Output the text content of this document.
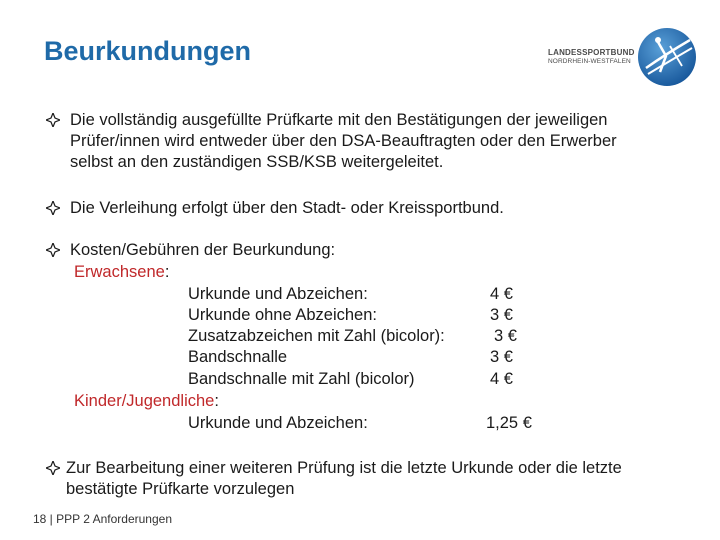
Beurkundungen	LANDESSPORTBUND
NORDRHEIN-WESTFALEN
Die vollständig ausgefüllte Prüfkarte mit den Bestätigungen der jeweiligen
Prüfer/innen wird entweder über den DSA-Beauftragten oder den Erwerber
selbst an den zuständigen SSB/KSB weitergeleitet.
Die Verleihung erfolgt über den Stadt- oder Kreissportbund.
Kosten/Gebühren der Beurkundung:
Erwachsene:
Urkunde und Abzeichen:	4 €
Urkunde ohne Abzeichen:	3 €
Zusatzabzeichen mit Zahl (bicolor):	3 €
Bandschnalle	3 €
Bandschnalle mit Zahl (bicolor)	4 €
Kinder/Jugendliche:
Urkunde und Abzeichen:	1,25 €
Zur Bearbeitung einer weiteren Prüfung ist die letzte Urkunde oder die letzte
bestätigte Prüfkarte vorzulegen
18 | PPP 2 Anforderungen
